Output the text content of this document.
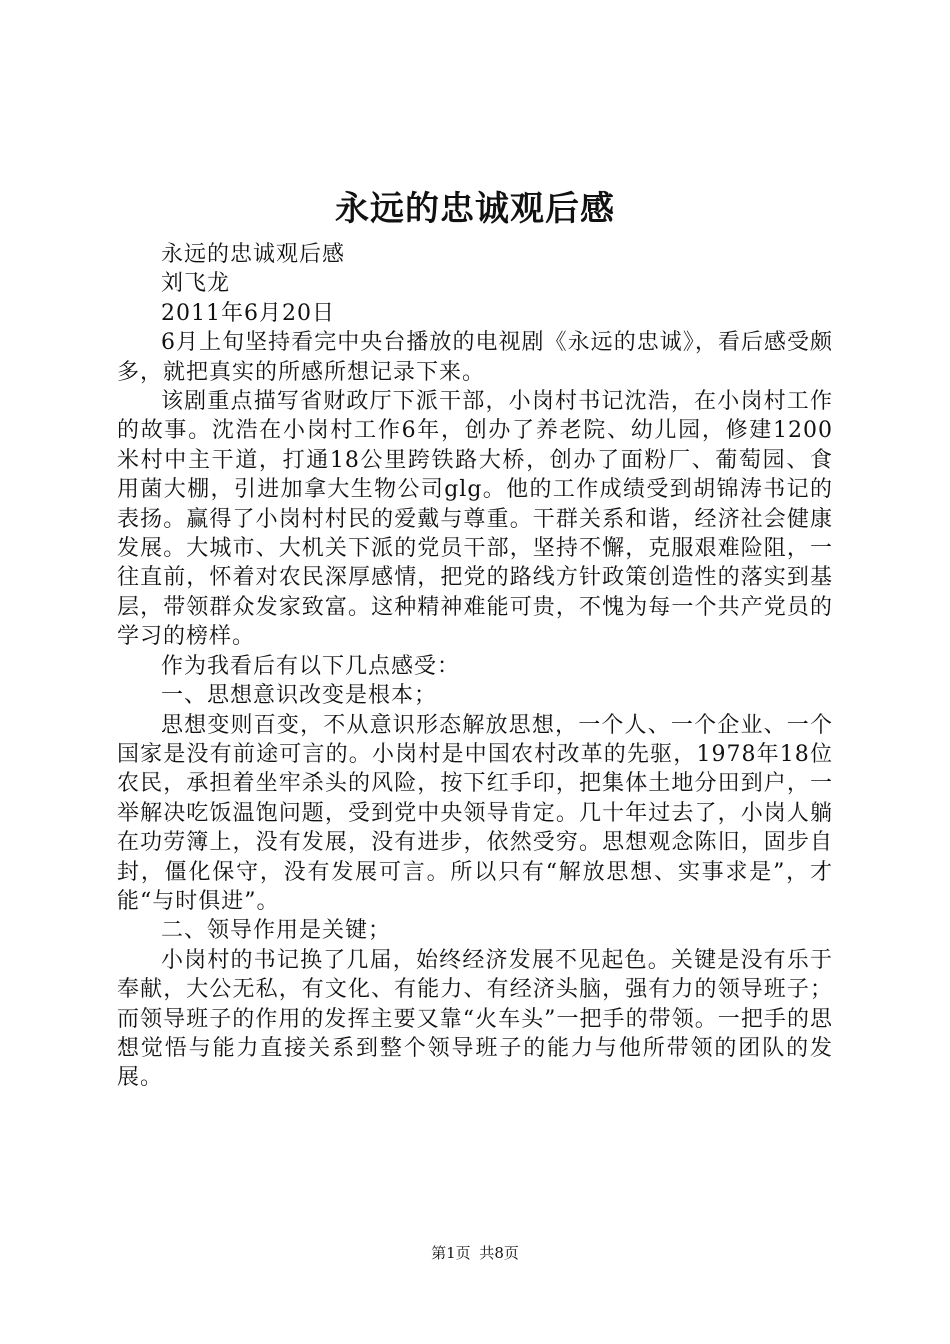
永远的忠诚观后感

永远的忠诚观后感

刘飞龙

2011年6月20日

6月上旬坚持看完中央台播放的电视剧《永远的忠诚》，看后感受颇多，就把真实的所感所想记录下来。

该剧重点描写省财政厅下派干部，小岗村书记沈浩，在小岗村工作的故事。沈浩在小岗村工作6年，创办了养老院、幼儿园，修建1200米村中主干道，打通18公里跨铁路大桥，创办了面粉厂、葡萄园、食用菌大棚，引进加拿大生物公司glg。他的工作成绩受到胡锦涛书记的表扬。赢得了小岗村村民的爱戴与尊重。干群关系和谐，经济社会健康发展。大城市、大机关下派的党员干部，坚持不懈，克服艰难险阻，一往直前，怀着对农民深厚感情，把党的路线方针政策创造性的落实到基层，带领群众发家致富。这种精神难能可贵，不愧为每一个共产党员的学习的榜样。

作为我看后有以下几点感受：

一、思想意识改变是根本；

思想变则百变，不从意识形态解放思想，一个人、一个企业、一个国家是没有前途可言的。小岗村是中国农村改革的先驱，1978年18位农民，承担着坐牢杀头的风险，按下红手印，把集体土地分田到户，一举解决吃饭温饱问题，受到党中央领导肯定。几十年过去了，小岗人躺在功劳簿上，没有发展，没有进步，依然受穷。思想观念陈旧，固步自封，僵化保守，没有发展可言。所以只有“解放思想、实事求是”，才能“与时俱进”。

二、领导作用是关键；

小岗村的书记换了几届，始终经济发展不见起色。关键是没有乐于奉献，大公无私，有文化、有能力、有经济头脑，强有力的领导班子；而领导班子的作用的发挥主要又靠“火车头”一把手的带领。一把手的思想觉悟与能力直接关系到整个领导班子的能力与他所带领的团队的发展。

第1页 共8页
